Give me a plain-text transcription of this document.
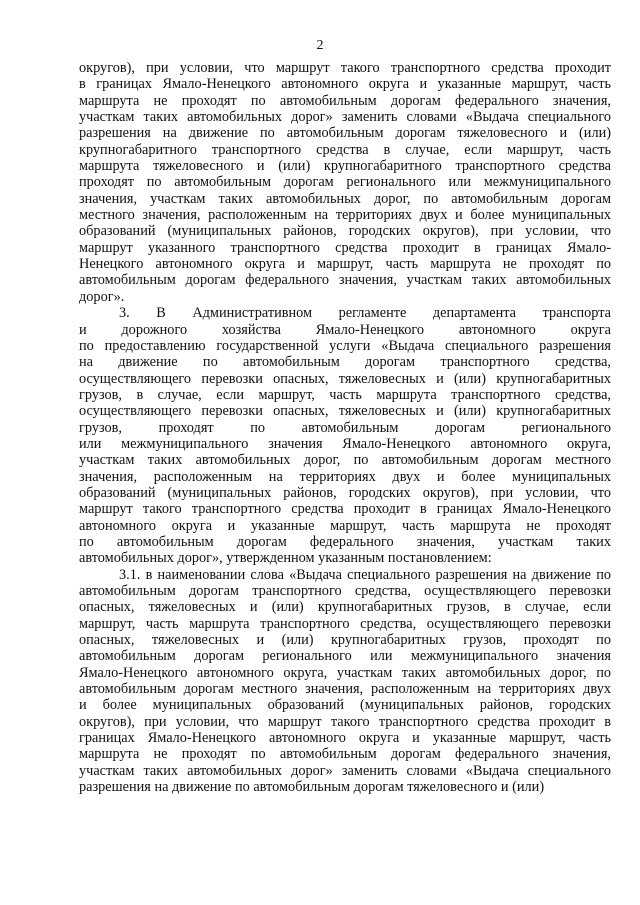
2

округов), при условии, что маршрут такого транспортного средства проходит
в границах Ямало-Ненецкого автономного округа и указанные маршрут, часть
маршрута не проходят по автомобильным дорогам федерального значения,
участкам таких автомобильных дорог» заменить словами «Выдача специального
разрешения на движение по автомобильным дорогам тяжеловесного и (или)
крупногабаритного транспортного средства в случае, если маршрут, часть
маршрута тяжеловесного и (или) крупногабаритного транспортного средства
проходят по автомобильным дорогам регионального или межмуниципального
значения, участкам таких автомобильных дорог, по автомобильным дорогам
местного значения, расположенным на территориях двух и более муниципальных
образований (муниципальных районов, городских округов), при условии, что
маршрут указанного транспортного средства проходит в границах Ямало-
Ненецкого автономного округа и маршрут, часть маршрута не проходят по
автомобильным дорогам федерального значения, участкам таких автомобильных
дорог».

3. В Административном регламенте департамента транспорта
и дорожного хозяйства Ямало-Ненецкого автономного округа
по предоставлению государственной услуги «Выдача специального разрешения
на движение по автомобильным дорогам транспортного средства,
осуществляющего перевозки опасных, тяжеловесных и (или) крупногабаритных
грузов, в случае, если маршрут, часть маршрута транспортного средства,
осуществляющего перевозки опасных, тяжеловесных и (или) крупногабаритных
грузов, проходят по автомобильным дорогам регионального
или межмуниципального значения Ямало-Ненецкого автономного округа,
участкам таких автомобильных дорог, по автомобильным дорогам местного
значения, расположенным на территориях двух и более муниципальных
образований (муниципальных районов, городских округов), при условии, что
маршрут такого транспортного средства проходит в границах Ямало-Ненецкого
автономного округа и указанные маршрут, часть маршрута не проходят
по автомобильным дорогам федерального значения, участкам таких
автомобильных дорог», утвержденном указанным постановлением:

3.1. в наименовании слова «Выдача специального разрешения на движение по
автомобильным дорогам транспортного средства, осуществляющего перевозки
опасных, тяжеловесных и (или) крупногабаритных грузов, в случае, если
маршрут, часть маршрута транспортного средства, осуществляющего перевозки
опасных, тяжеловесных и (или) крупногабаритных грузов, проходят по
автомобильным дорогам регионального или межмуниципального значения
Ямало-Ненецкого автономного округа, участкам таких автомобильных дорог, по
автомобильным дорогам местного значения, расположенным на территориях двух
и более муниципальных образований (муниципальных районов, городских
округов), при условии, что маршрут такого транспортного средства проходит в
границах Ямало-Ненецкого автономного округа и указанные маршрут, часть
маршрута не проходят по автомобильным дорогам федерального значения,
участкам таких автомобильных дорог» заменить словами «Выдача специального
разрешения на движение по автомобильным дорогам тяжеловесного и (или)
